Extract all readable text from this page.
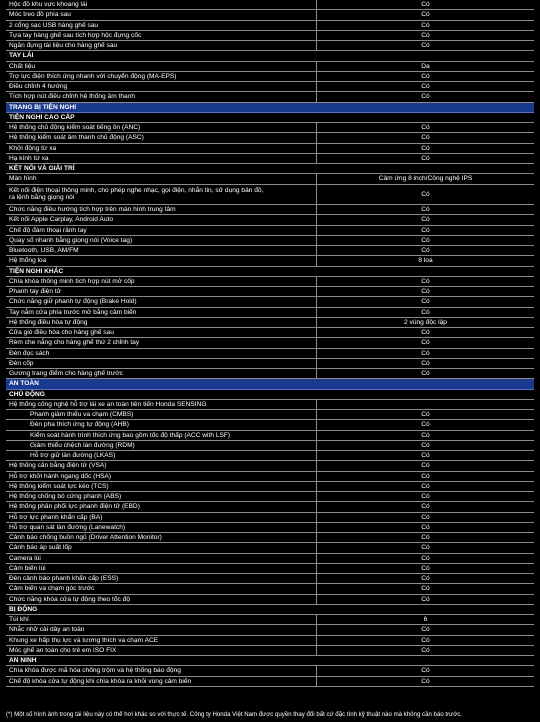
Hộc đồ khu vực khoang lái	Có
Móc treo đồ phía sau	Có
2 cổng sạc USB hàng ghế sau	Có
Tựa tay hàng ghế sau tích hợp hộc đựng cốc	Có
Ngăn đựng tài liệu cho hàng ghế sau	Có
TAY LÁI
Chất liệu	Da
Trợ lực điện thích ứng nhanh với chuyển động (MA-EPS)	Có
Điều chỉnh 4 hướng	Có
Tích hợp nút điều chỉnh hệ thống âm thanh	Có
TRANG BỊ TIỆN NGHI
TIỆN NGHI CAO CẤP
Hệ thống chủ động kiểm soát tiếng ồn (ANC)	Có
Hệ thống kiểm soát âm thanh chủ động (ASC)	Có
Khởi động từ xa	Có
Hạ kính từ xa	Có
KẾT NỐI VÀ GIẢI TRÍ
Màn hình	Cảm ứng 8 inch/Công nghệ IPS
Kết nối điện thoại thông minh, cho phép nghe nhạc, gọi điện, nhắn tin, sử dụng bản đồ,
ra lệnh bằng giọng nói
Có
Chức năng điều hướng tích hợp trên màn hình trung tâm	Có
Kết nối Apple Carplay, Android Auto	Có
Chế độ đàm thoại rảnh tay	Có
Quay số nhanh bằng giọng nói (Voice tag)	Có
Bluetooth, USB, AM/FM	Có
Hệ thống loa	8 loa
TIỆN NGHI KHÁC
Chìa khóa thông minh tích hợp nút mở cốp	Có
Phanh tay điện tử	Có
Chức năng giữ phanh tự động (Brake Hold)	Có
Tay nắm cửa phía trước mở bằng cảm biến	Có
Hệ thống điều hòa tự động	2 vùng độc lập
Cửa gió điều hòa cho hàng ghế sau	Có
Rèm che nắng cho hàng ghế thứ 2 chỉnh tay	Có
Đèn đọc sách	Có
Đèn cốp	Có
Gương trang điểm cho hàng ghế trước	Có
AN TOÀN
CHỦ ĐỘNG
Hệ thống công nghệ hỗ trợ lái xe an toàn tiên tiến Honda SENSING
Phanh giảm thiểu va chạm (CMBS)	Có
Đèn pha thích ứng tự động (AHB)	Có
Kiểm soát hành trình thích ứng bao gồm tốc độ thấp (ACC with LSF)	Có
Giảm thiểu chệch làn đường (RDM)	Có
Hỗ trợ giữ làn đường (LKAS)	Có
Hệ thống cân bằng điện tử (VSA)	Có
Hỗ trợ khởi hành ngang dốc (HSA)	Có
Hệ thống kiểm soát lực kéo (TCS)	Có
Hệ thống chống bó cứng phanh (ABS)	Có
Hệ thống phân phối lực phanh điện tử (EBD)	Có
Hỗ trợ lực phanh khẩn cấp (BA)	Có
Hỗ trợ quan sát làn đường (Lanewatch)	Có
Cảnh báo chống buồn ngủ (Driver Attention Monitor)	Có
Cảnh báo áp suất lốp	Có
Camera lùi	Có
Cảm biến lùi	Có
Đèn cảnh báo phanh khẩn cấp (ESS)	Có
Cảm biến va chạm góc trước	Có
Chức năng khóa cửa tự động theo tốc độ	Có
BỊ ĐỘNG
Túi khí	6
Nhắc nhở cài dây an toàn	Có
Khung xe hấp thụ lực và tương thích va chạm ACE	Có
Móc ghế an toàn cho trẻ em ISO FIX	Có
AN NINH
Chìa khóa được mã hóa chống trộm và hệ thống báo động	Có
Chế độ khóa cửa tự động khi chìa khóa ra khỏi vùng cảm biến	Có
(*) Một số hình ảnh trong tài liệu này có thể hơi khác so với thực tế. Công ty Honda Việt Nam được quyền thay đổi bất cứ đặc tính kỹ thuật nào mà không cần báo trước.
